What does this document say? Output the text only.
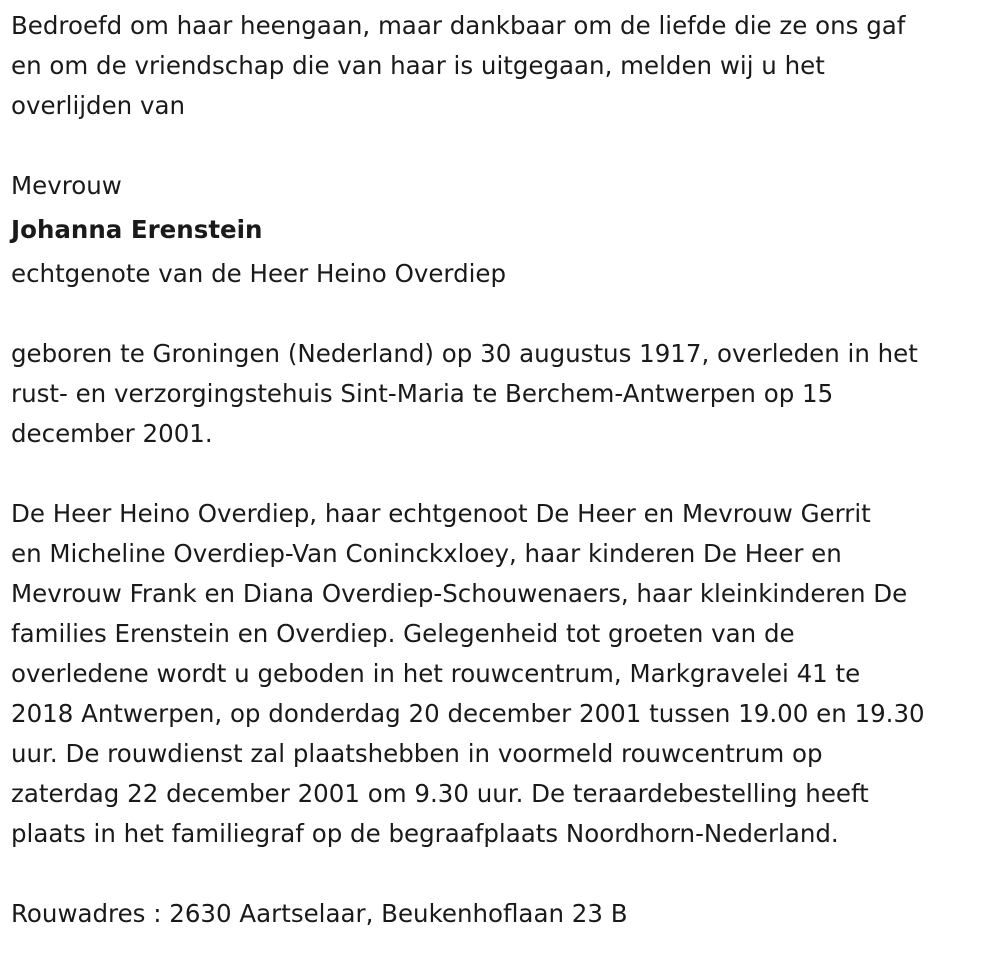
Bedroefd om haar heengaan, maar dankbaar om de liefde die ze ons gaf
en om de vriendschap die van haar is uitgegaan, melden wij u het
overlijden van

Mevrouw

Johanna Erenstein

echtgenote van de Heer Heino Overdiep

geboren te Groningen (Nederland) op 30 augustus 1917, overleden in het
rust- en verzorgingstehuis Sint-Maria te Berchem-Antwerpen op 15
december 2001.

De Heer Heino Overdiep, haar echtgenoot De Heer en Mevrouw Gerrit
en Micheline Overdiep-Van Coninckxloey, haar kinderen De Heer en
Mevrouw Frank en Diana Overdiep-Schouwenaers, haar kleinkinderen De
families Erenstein en Overdiep. Gelegenheid tot groeten van de
overledene wordt u geboden in het rouwcentrum, Markgravelei 41 te
2018 Antwerpen, op donderdag 20 december 2001 tussen 19.00 en 19.30
uur. De rouwdienst zal plaatshebben in voormeld rouwcentrum op
zaterdag 22 december 2001 om 9.30 uur. De teraardebestelling heeft
plaats in het familiegraf op de begraafplaats Noordhorn-Nederland.

Rouwadres : 2630 Aartselaar, Beukenhoflaan 23 B
